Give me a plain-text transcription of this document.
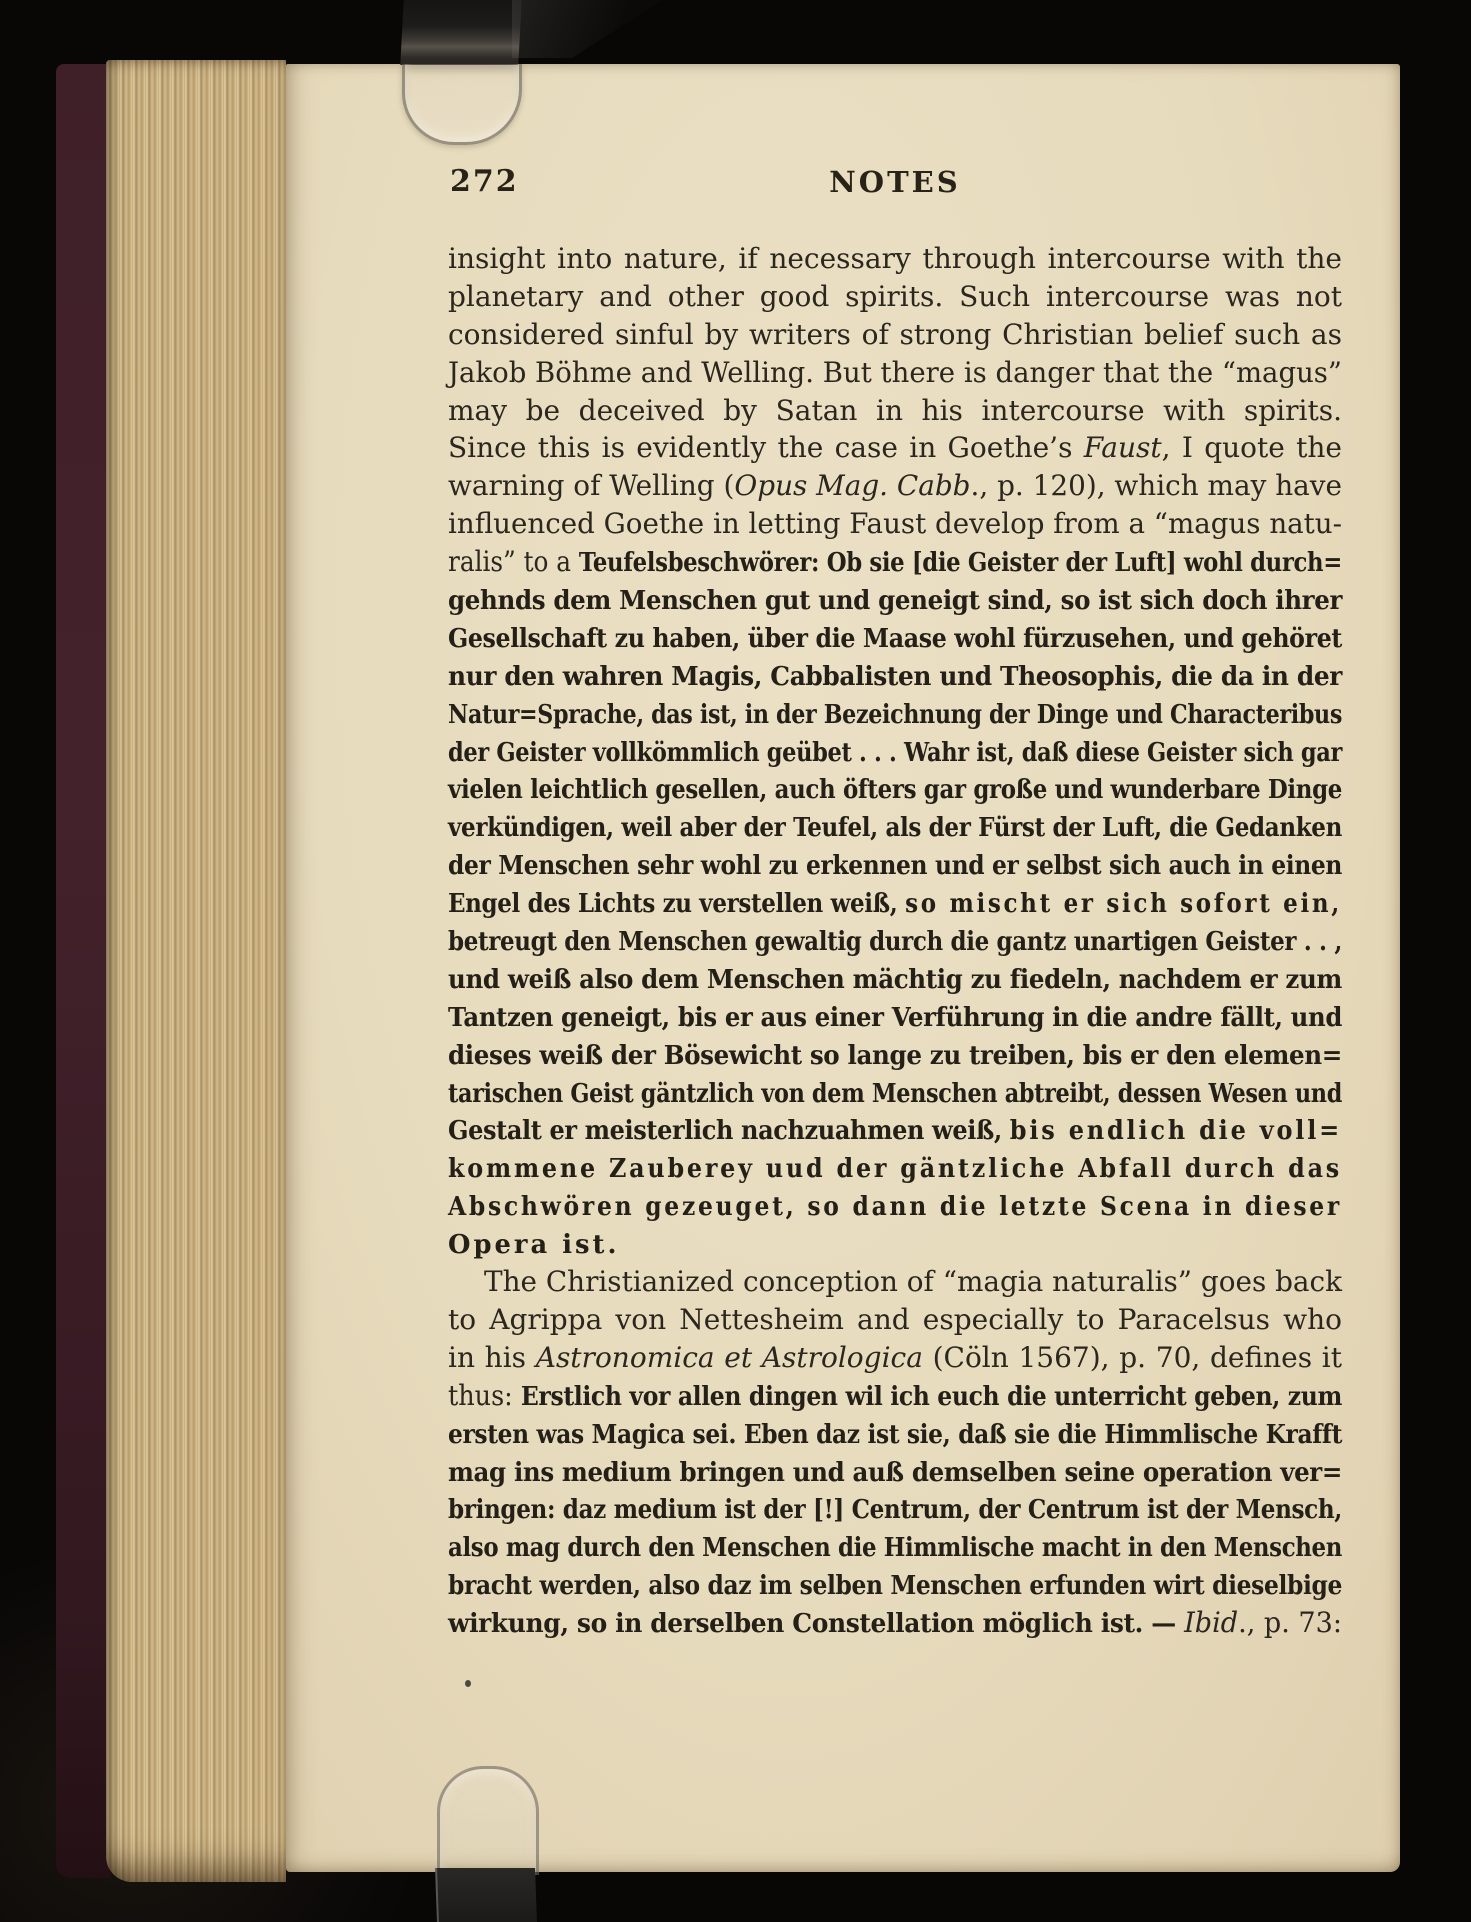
272	NOTES
insight into nature, if necessary through intercourse with the
planetary and other good spirits. Such intercourse was not
considered sinful by writers of strong Christian belief such as
Jakob Böhme and Welling. But there is danger that the “magus”
may be deceived by Satan in his intercourse with spirits.
Since this is evidently the case in Goethe’s Faust, I quote the
warning of Welling (Opus Mag. Cabb., p. 120), which may have
influenced Goethe in letting Faust develop from a “magus natu-
ralis” to a Teufelsbeschwörer: Ob sie [die Geister der Luft] wohl durch=
gehnds dem Menschen gut und geneigt sind, so ist sich doch ihrer
Gesellschaft zu haben, über die Maase wohl fürzusehen, und gehöret
nur den wahren Magis, Cabbalisten und Theosophis, die da in der
Natur=Sprache, das ist, in der Bezeichnung der Dinge und Characteribus
der Geister vollkömmlich geübet . . . Wahr ist, daß diese Geister sich gar
vielen leichtlich gesellen, auch öfters gar große und wunderbare Dinge
verkündigen, weil aber der Teufel, als der Fürst der Luft, die Gedanken
der Menschen sehr wohl zu erkennen und er selbst sich auch in einen
Engel des Lichts zu verstellen weiß, so mischt er sich sofort ein,
betreugt den Menschen gewaltig durch die gantz unartigen Geister . . ,
und weiß also dem Menschen mächtig zu fiedeln, nachdem er zum
Tantzen geneigt, bis er aus einer Verführung in die andre fällt, und
dieses weiß der Bösewicht so lange zu treiben, bis er den elemen=
tarischen Geist gäntzlich von dem Menschen abtreibt, dessen Wesen und
Gestalt er meisterlich nachzuahmen weiß, bis endlich die voll=
kommene Zauberey uud der gäntzliche Abfall durch das
Abschwören gezeuget, so dann die letzte Scena in dieser
Opera ist.
The Christianized conception of “magia naturalis” goes back
to Agrippa von Nettesheim and especially to Paracelsus who
in his Astronomica et Astrologica (Cöln 1567), p. 70, defines it
thus: Erstlich vor allen dingen wil ich euch die unterricht geben, zum
ersten was Magica sei. Eben daz ist sie, daß sie die Himmlische Krafft
mag ins medium bringen und auß demselben seine operation ver=
bringen: daz medium ist der [!] Centrum, der Centrum ist der Mensch,
also mag durch den Menschen die Himmlische macht in den Menschen
bracht werden, also daz im selben Menschen erfunden wirt dieselbige
wirkung, so in derselben Constellation möglich ist. — Ibid., p. 73:
